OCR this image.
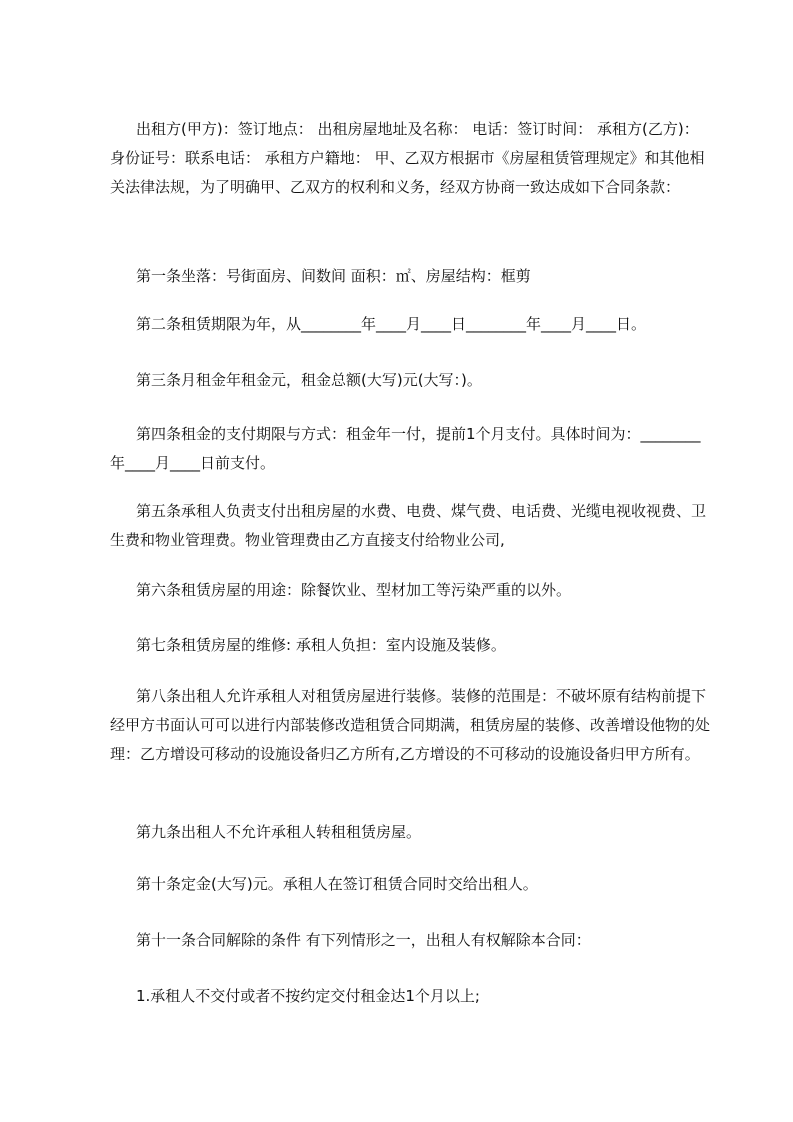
出租方(甲方)：签订地点： 出租房屋地址及名称： 电话：签订时间： 承租方(乙方)： 身份证号：联系电话： 承租方户籍地： 甲、乙双方根据市《房屋租赁管理规定》和其他相关法律法规，为了明确甲、乙双方的权利和义务，经双方协商一致达成如下合同条款：

第一条坐落：号街面房、间数间 面积：㎡、房屋结构：框剪

第二条租赁期限为年，从________年____月____日________年____月____日。

第三条月租金年租金元，租金总额(大写)元(大写：)。

第四条租金的支付期限与方式：租金年一付，提前1个月支付。具体时间为：________年____月____日前支付。

第五条承租人负责支付出租房屋的水费、电费、煤气费、电话费、光缆电视收视费、卫生费和物业管理费。物业管理费由乙方直接支付给物业公司,

第六条租赁房屋的用途：除餐饮业、型材加工等污染严重的以外。

第七条租赁房屋的维修: 承租人负担：室内设施及装修。

第八条出租人允许承租人对租赁房屋进行装修。装修的范围是：不破坏原有结构前提下经甲方书面认可可以进行内部装修改造租赁合同期满，租赁房屋的装修、改善增设他物的处理：乙方增设可移动的设施设备归乙方所有,乙方增设的不可移动的设施设备归甲方所有。

第九条出租人不允许承租人转租租赁房屋。

第十条定金(大写)元。承租人在签订租赁合同时交给出租人。

第十一条合同解除的条件 有下列情形之一，出租人有权解除本合同：

1.承租人不交付或者不按约定交付租金达1个月以上;
